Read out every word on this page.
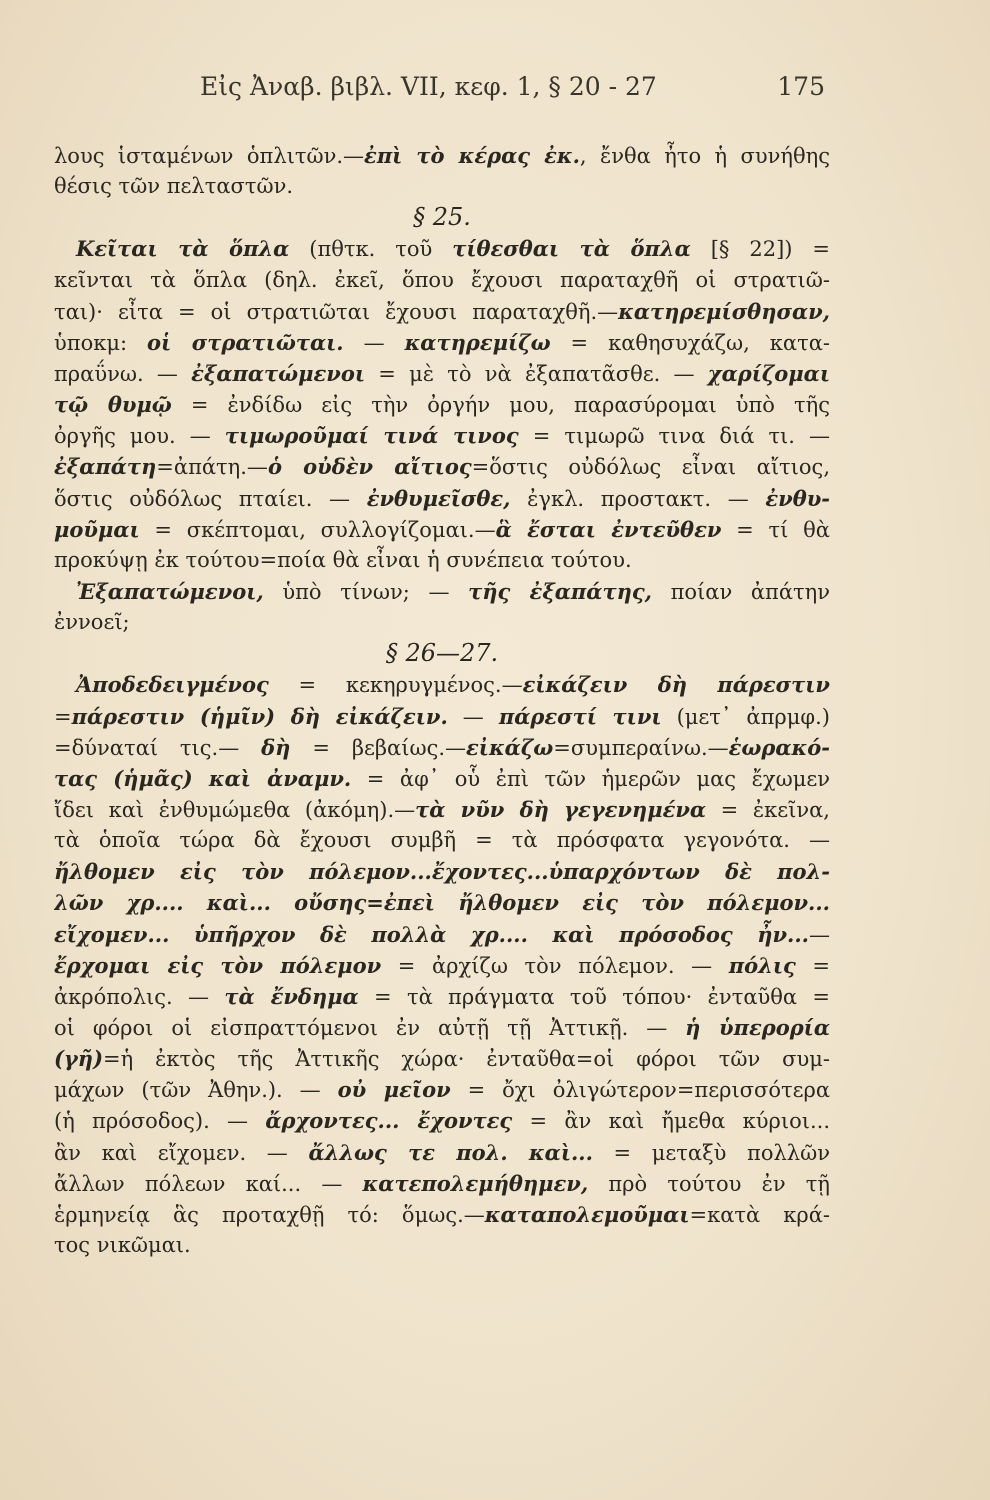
Εἰς Ἀναβ. βιβλ. VII, κεφ. 1, § 20 - 27	175
λους ἱσταμένων ὁπλιτῶν.—ἐπὶ τὸ κέρας ἐκ., ἔνθα ἦτο ἡ συνήθης
θέσις τῶν πελταστῶν.
§ 25.
Κεῖται τὰ ὅπλα (πθτκ. τοῦ τίθεσθαι τὰ ὅπλα [§ 22]) =
κεῖνται τὰ ὅπλα (δηλ. ἐκεῖ, ὅπου ἔχουσι παραταχθῆ οἱ στρατιῶ-
ται)· εἶτα = οἱ στρατιῶται ἔχουσι παραταχθῆ.—κατηρεμίσθησαν,
ὑποκμ: οἱ στρατιῶται. — κατηρεμίζω = καθησυχάζω, κατα-
πραΰνω. — ἐξαπατώμενοι = μὲ τὸ νὰ ἐξαπατᾶσθε. — χαρίζομαι
τῷ θυμῷ = ἐνδίδω εἰς τὴν ὀργήν μου, παρασύρομαι ὑπὸ τῆς
ὀργῆς μου. — τιμωροῦμαί τινά τινος = τιμωρῶ τινα διά τι. —
ἐξαπάτη=ἀπάτη.—ὁ οὐδὲν αἴτιος=ὅστις οὐδόλως εἶναι αἴτιος,
ὅστις οὐδόλως πταίει. — ἐνθυμεῖσθε, ἐγκλ. προστακτ. — ἐνθυ-
μοῦμαι = σκέπτομαι, συλλογίζομαι.—ἃ ἔσται ἐντεῦθεν = τί θὰ
προκύψῃ ἐκ τούτου=ποία θὰ εἶναι ἡ συνέπεια τούτου.
Ἐξαπατώμενοι, ὑπὸ τίνων; — τῆς ἐξαπάτης, ποίαν ἀπάτην
ἐννοεῖ;
§ 26—27.
Ἀποδεδειγμένος = κεκηρυγμένος.—εἰκάζειν δὴ πάρεστιν
=πάρεστιν (ἡμῖν) δὴ εἰκάζειν. — πάρεστί τινι (μετ᾽ ἀπρμφ.)
=δύναταί τις.— δὴ = βεβαίως.—εἰκάζω=συμπεραίνω.—ἑωρακό-
τας (ἡμᾶς) καὶ ἀναμν. = ἀφ᾽ οὗ ἐπὶ τῶν ἡμερῶν μας ἔχωμεν
ἴδει καὶ ἐνθυμώμεθα (ἀκόμη).—τὰ νῦν δὴ γεγενημένα = ἐκεῖνα,
τὰ ὁποῖα τώρα δὰ ἔχουσι συμβῆ = τὰ πρόσφατα γεγονότα. —
ἤλθομεν εἰς τὸν πόλεμον...ἔχοντες...ὑπαρχόντων δὲ πολ-
λῶν χρ.... καὶ... οὔσης=ἐπεὶ ἤλθομεν εἰς τὸν πόλεμον...
εἴχομεν... ὑπῆρχον δὲ πολλὰ χρ.... καὶ πρόσοδος ἦν...—
ἔρχομαι εἰς τὸν πόλεμον = ἀρχίζω τὸν πόλεμον. — πόλις =
ἀκρόπολις. — τὰ ἔνδημα = τὰ πράγματα τοῦ τόπου· ἐνταῦθα =
οἱ φόροι οἱ εἰσπραττόμενοι ἐν αὐτῇ τῇ Ἀττικῇ. — ἡ ὑπερορία
(γῆ)=ἡ ἐκτὸς τῆς Ἀττικῆς χώρα· ἐνταῦθα=οἱ φόροι τῶν συμ-
μάχων (τῶν Ἀθην.). — οὐ μεῖον = ὄχι ὀλιγώτερον=περισσότερα
(ἡ πρόσοδος). — ἄρχοντες... ἔχοντες = ἂν καὶ ἤμεθα κύριοι...
ἂν καὶ εἴχομεν. — ἄλλως τε πολ. καὶ... = μεταξὺ πολλῶν
ἄλλων πόλεων καί... — κατεπολεμήθημεν, πρὸ τούτου ἐν τῇ
ἑρμηνείᾳ ἃς προταχθῇ τό: ὅμως.—καταπολεμοῦμαι=κατὰ κρά-
τος νικῶμαι.
